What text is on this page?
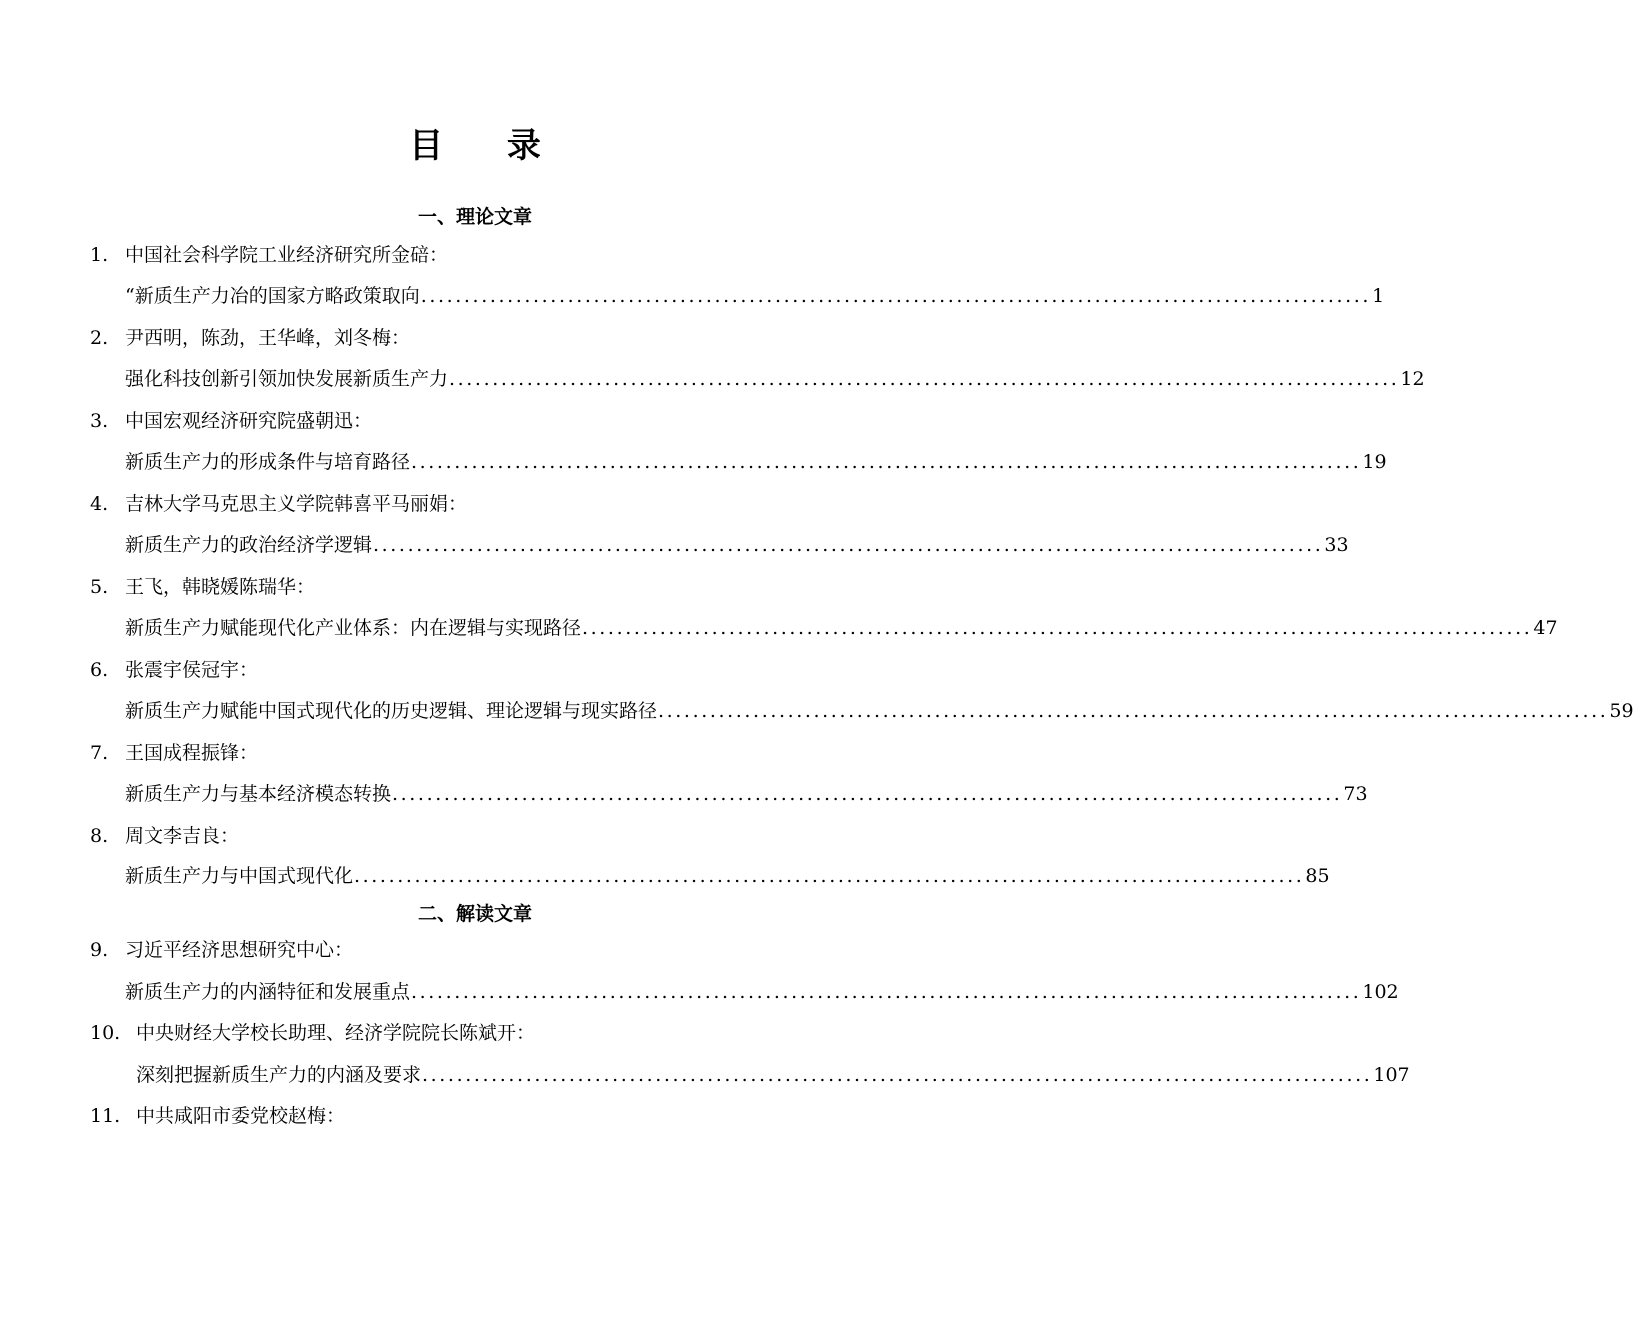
目 录
一、理论文章
1. 中国社会科学院工业经济研究所金碚：
“新质生产力冶的国家方略政策取向 .............................................................................................................. 1
2. 尹西明，陈劲，王华峰，刘冬梅：
强化科技创新引领加快发展新质生产力 .............................................................................................................. 12
3. 中国宏观经济研究院盛朝迅：
新质生产力的形成条件与培育路径 .............................................................................................................. 19
4. 吉林大学马克思主义学院韩喜平马丽娟：
新质生产力的政治经济学逻辑 .............................................................................................................. 33
5. 王飞，韩晓媛陈瑞华：
新质生产力赋能现代化产业体系：内在逻辑与实现路径 .............................................................................................................. 47
6. 张震宇侯冠宇：
新质生产力赋能中国式现代化的历史逻辑、理论逻辑与现实路径 .............................................................................................................. 59
7. 王国成程振锋：
新质生产力与基本经济模态转换 .............................................................................................................. 73
8. 周文李吉良：
新质生产力与中国式现代化 .............................................................................................................. 85
二、解读文章
9. 习近平经济思想研究中心：
新质生产力的内涵特征和发展重点 .............................................................................................................. 102
10. 中央财经大学校长助理、经济学院院长陈斌开：
深刻把握新质生产力的内涵及要求 .............................................................................................................. 107
11. 中共咸阳市委党校赵梅：
